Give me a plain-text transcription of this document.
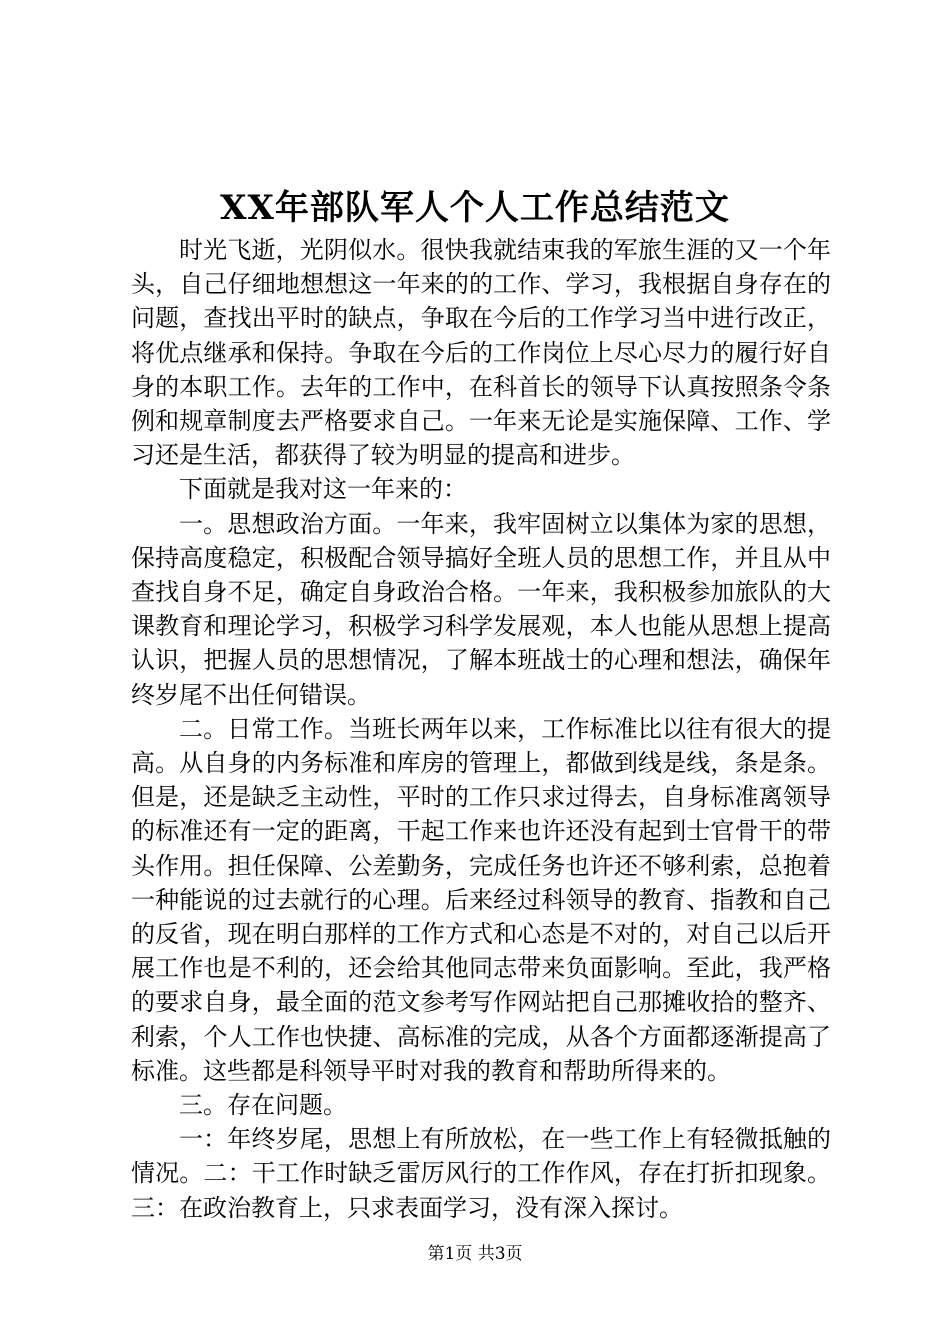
XX年部队军人个人工作总结范文

时光飞逝，光阴似水。很快我就结束我的军旅生涯的又一个年头，自己仔细地想想这一年来的的工作、学习，我根据自身存在的问题，查找出平时的缺点，争取在今后的工作学习当中进行改正，将优点继承和保持。争取在今后的工作岗位上尽心尽力的履行好自身的本职工作。去年的工作中，在科首长的领导下认真按照条令条例和规章制度去严格要求自己。一年来无论是实施保障、工作、学习还是生活，都获得了较为明显的提高和进步。

下面就是我对这一年来的：

一。思想政治方面。一年来，我牢固树立以集体为家的思想，保持高度稳定，积极配合领导搞好全班人员的思想工作，并且从中查找自身不足，确定自身政治合格。一年来，我积极参加旅队的大课教育和理论学习，积极学习科学发展观，本人也能从思想上提高认识，把握人员的思想情况，了解本班战士的心理和想法，确保年终岁尾不出任何错误。

二。日常工作。当班长两年以来，工作标准比以往有很大的提高。从自身的内务标准和库房的管理上，都做到线是线，条是条。但是，还是缺乏主动性，平时的工作只求过得去，自身标准离领导的标准还有一定的距离，干起工作来也许还没有起到士官骨干的带头作用。担任保障、公差勤务，完成任务也许还不够利索，总抱着一种能说的过去就行的心理。后来经过科领导的教育、指教和自己的反省，现在明白那样的工作方式和心态是不对的，对自己以后开展工作也是不利的，还会给其他同志带来负面影响。至此，我严格的要求自身，最全面的范文参考写作网站把自己那摊收拾的整齐、利索，个人工作也快捷、高标准的完成，从各个方面都逐渐提高了标准。这些都是科领导平时对我的教育和帮助所得来的。

三。存在问题。

一：年终岁尾，思想上有所放松，在一些工作上有轻微抵触的情况。二：干工作时缺乏雷厉风行的工作作风，存在打折扣现象。三：在政治教育上，只求表面学习，没有深入探讨。

第1页 共3页
